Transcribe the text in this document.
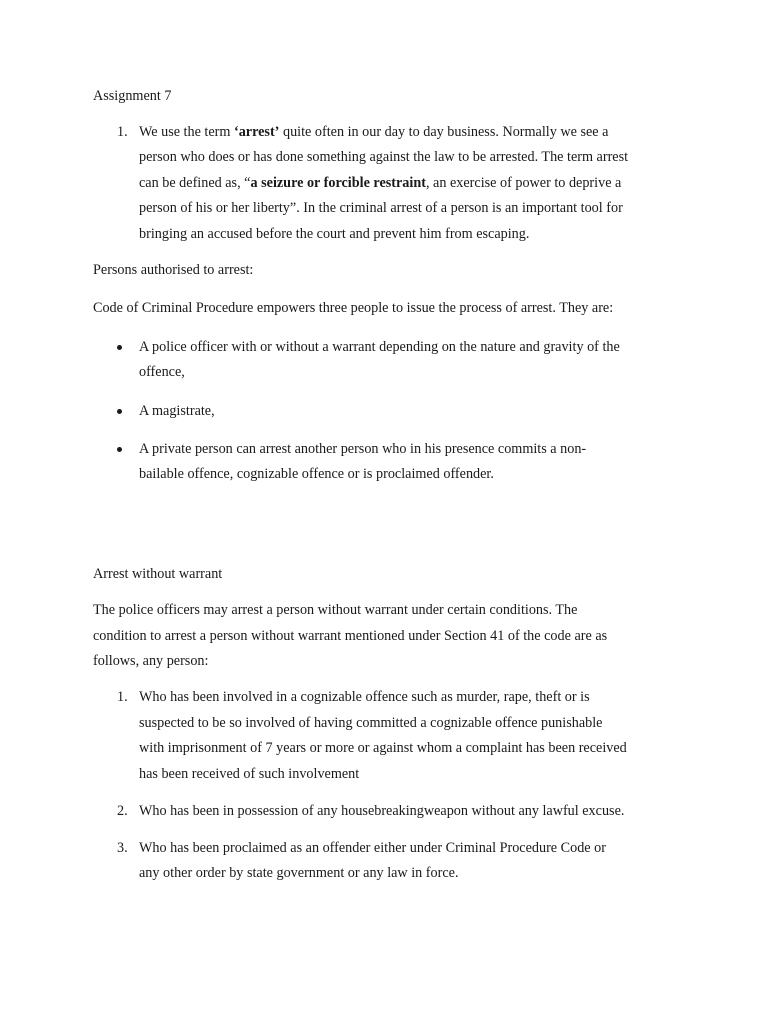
Assignment 7
1. We use the term ‘arrest’ quite often in our day to day business. Normally we see a
person who does or has done something against the law to be arrested. The term arrest
can be defined as, “a seizure or forcible restraint, an exercise of power to deprive a
person of his or her liberty”. In the criminal arrest of a person is an important tool for
bringing an accused before the court and prevent him from escaping.
Persons authorised to arrest:
Code of Criminal Procedure empowers three people to issue the process of arrest. They are:
A police officer with or without a warrant depending on the nature and gravity of the
offence,
A magistrate,
A private person can arrest another person who in his presence commits a non-
bailable offence, cognizable offence or is proclaimed offender.
Arrest without warrant
The police officers may arrest a person without warrant under certain conditions. The
condition to arrest a person without warrant mentioned under Section 41 of the code are as
follows, any person:
1. Who has been involved in a cognizable offence such as murder, rape, theft or is
suspected to be so involved of having committed a cognizable offence punishable
with imprisonment of 7 years or more or against whom a complaint has been received
has been received of such involvement
2. Who has been in possession of any housebreakingweapon without any lawful excuse.
3. Who has been proclaimed as an offender either under Criminal Procedure Code or
any other order by state government or any law in force.
